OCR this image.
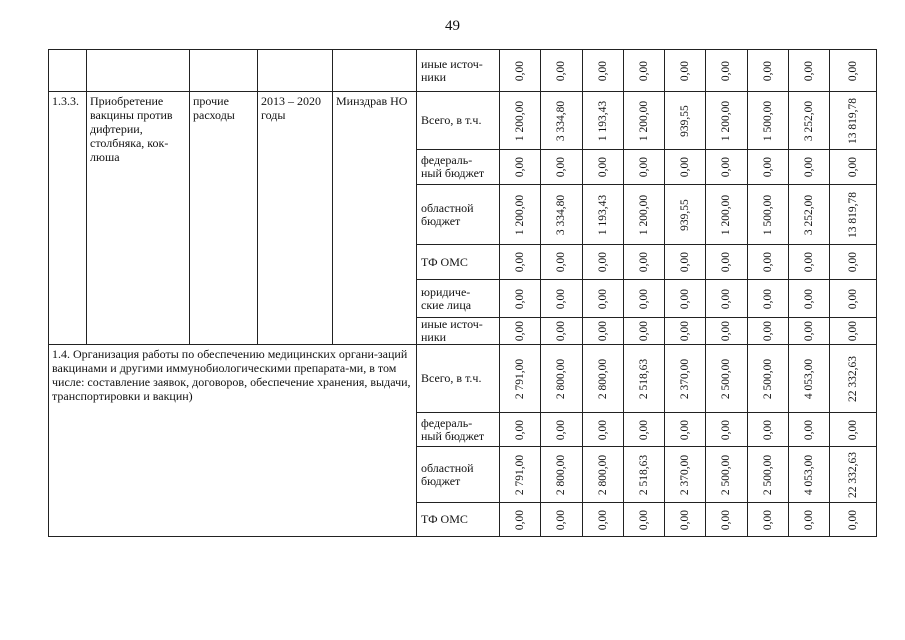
49

					иные источ-
ники	0,00	0,00	0,00	0,00	0,00	0,00	0,00	0,00	0,00

1.3.3.	Приобретение вакцины против дифтерии, столбняка, кок-люша	прочие расходы	2013 – 2020 годы	Минздрав НО	Всего, в т.ч.	1 200,00	3 334,80	1 193,43	1 200,00	939,55	1 200,00	1 500,00	3 252,00	13 819,78

					федераль-
ный бюджет	0,00	0,00	0,00	0,00	0,00	0,00	0,00	0,00	0,00

					областной
бюджет	1 200,00	3 334,80	1 193,43	1 200,00	939,55	1 200,00	1 500,00	3 252,00	13 819,78

					ТФ ОМС	0,00	0,00	0,00	0,00	0,00	0,00	0,00	0,00	0,00

					юридиче-
ские лица	0,00	0,00	0,00	0,00	0,00	0,00	0,00	0,00	0,00

					иные источ-
ники	0,00	0,00	0,00	0,00	0,00	0,00	0,00	0,00	0,00

1.4. Организация работы по обеспечению медицинских органи-заций вакцинами и другими иммунобиологическими препарата-ми, в том числе: составление заявок, договоров, обеспечение хранения, выдачи, транспортировки и вакцин)					Всего, в т.ч.	2 791,00	2 800,00	2 800,00	2 518,63	2 370,00	2 500,00	2 500,00	4 053,00	22 332,63

					федераль-
ный бюджет	0,00	0,00	0,00	0,00	0,00	0,00	0,00	0,00	0,00

					областной
бюджет	2 791,00	2 800,00	2 800,00	2 518,63	2 370,00	2 500,00	2 500,00	4 053,00	22 332,63

					ТФ ОМС	0,00	0,00	0,00	0,00	0,00	0,00	0,00	0,00	0,00
